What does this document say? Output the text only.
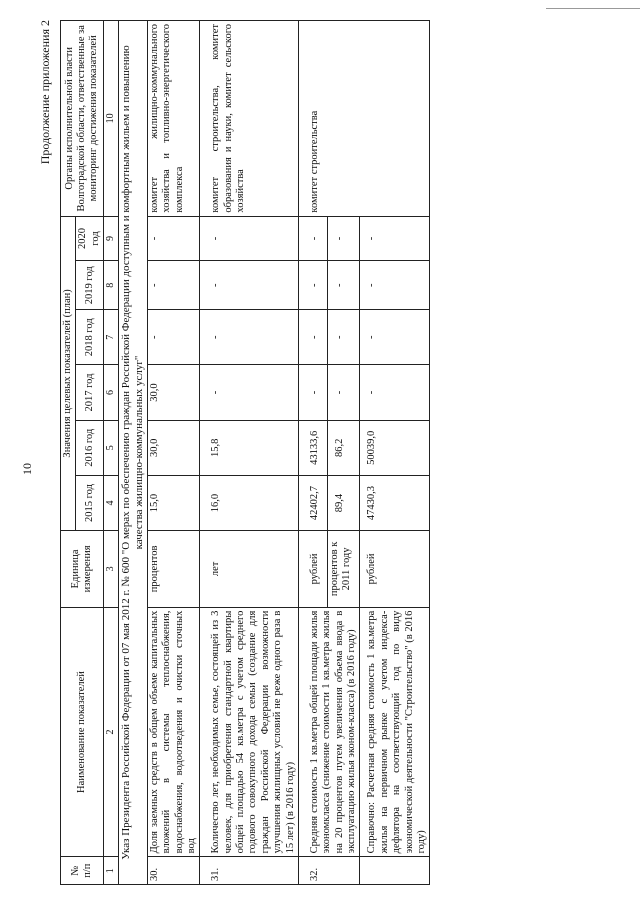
10
Продолжение приложения 2
№ п/п	Наименование показателей	Единица измерения	Значения целевых показателей (план)						Органы исполнительной власти Волгоградской области, ответственные за мониторинг достижения показателей
			2015 год	2016 год	2017 год	2018 год	2019 год	2020 год	
1	2	3	4	5	6	7	8	9	10
Указ Президента Российской Федерации от 07 мая 2012 г. № 600 "О мерах по обеспечению граждан Российской Федерации доступным и комфортным жильем и повышению качества жилищно-коммунальных услуг"									
30.	Доля заемных средств в общем объеме капитальных вложений в системы теплоснабжения, водоснабжения, водоотведения и очистки сточных вод	процентов	15,0	30,0	30,0	-	-	-	комитет жилищно-коммунального хозяйства и топливно-энергетического комплекса
31.	Количество лет, необходимых семье, состоящей из 3 человек, для приобретения стандартной квартиры общей площадью 54 кв.метра с учетом среднего годового совокупного дохода семьи (создание для граждан Российской Федерации возможности улучшения жилищных условий не реже одного раза в 15 лет) (в 2016 году)	лет	16,0	15,8	-	-	-	-	комитет строительства, комитет образования и науки, комитет сельского хозяйства
32.	Средняя стоимость 1 кв.метра общей площади жилья экономкласса (снижение стоимости 1 кв.метра жилья на 20 процентов путем увеличения объема ввода в эксплуатацию жилья эконом-класса) (в 2016 году)	рублей	42402,7	43133,6	-	-	-	-	комитет строительства
		процентов к 2011 году	89,4	86,2	-	-	-	-	
	Справочно: Расчетная средняя стоимость 1 кв.метра жилья на первичном рынке с учетом индекса-дефлятора на соответствующий год по виду экономической деятельности "Строительство" (в 2016 году)	рублей	47430,3	50039,0	-	-	-	-	
